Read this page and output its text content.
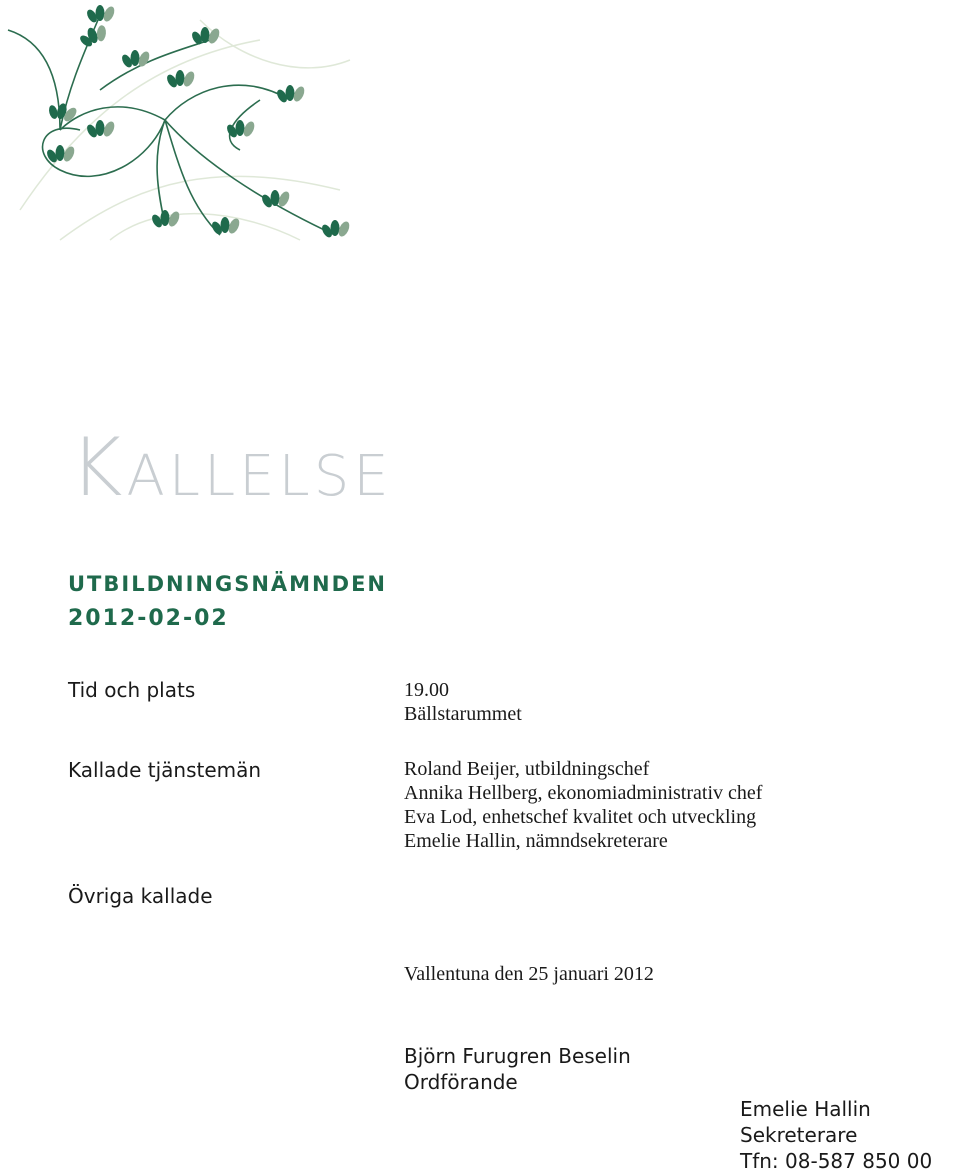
Kallelse
UTBILDNINGSNÄMNDEN
2012-02-02
Tid och plats	19.00
Bällstarummet
Kallade tjänstemän	Roland Beijer, utbildningschef
Annika Hellberg, ekonomiadministrativ chef
Eva Lod, enhetschef kvalitet och utveckling
Emelie Hallin, nämndsekreterare
Övriga kallade
Vallentuna den 25 januari 2012
Björn Furugren Beselin
Ordförande
Emelie Hallin
Sekreterare
Tfn: 08-587 850 00
